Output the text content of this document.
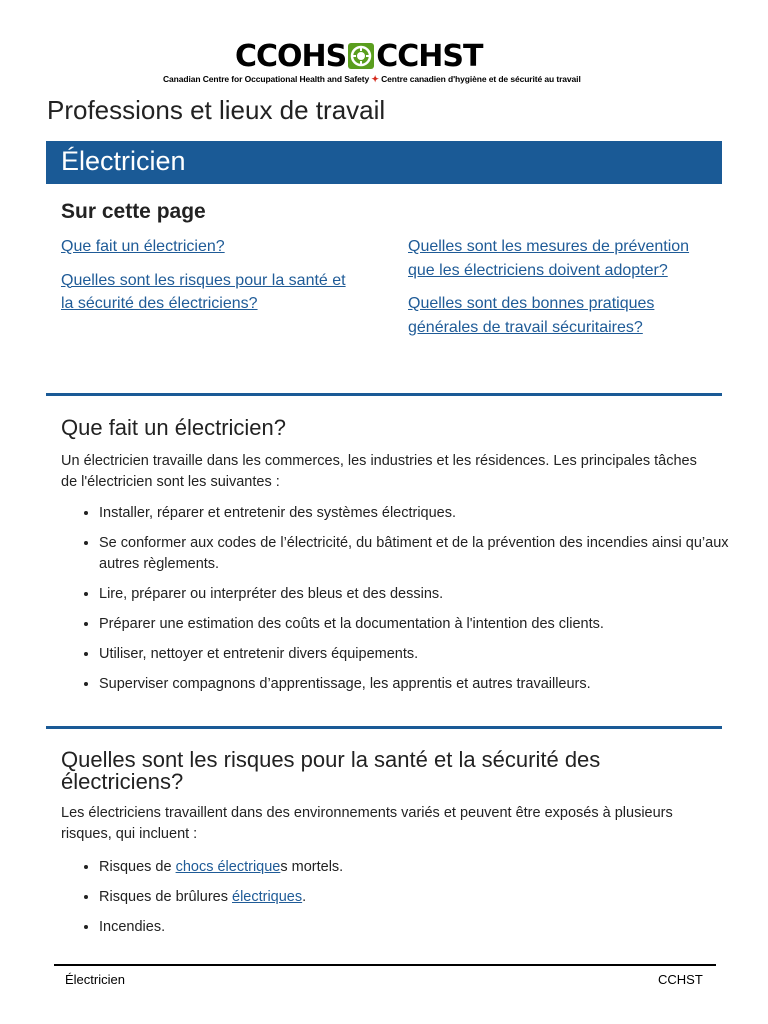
CCOHS CCHST
Canadian Centre for Occupational Health and Safety ✦ Centre canadien d'hygiène et de sécurité au travail
Professions et lieux de travail
Électricien
Sur cette page
Que fait un électricien?
Quelles sont les risques pour la santé et la sécurité des électriciens?
Quelles sont les mesures de prévention que les électriciens doivent adopter?
Quelles sont des bonnes pratiques générales de travail sécuritaires?
Que fait un électricien?

Un électricien travaille dans les commerces, les industries et les résidences. Les principales tâches de l'électricien sont les suivantes :

• Installer, réparer et entretenir des systèmes électriques.
• Se conformer aux codes de l’électricité, du bâtiment et de la prévention des incendies ainsi qu’aux autres règlements.
• Lire, préparer ou interpréter des bleus et des dessins.
• Préparer une estimation des coûts et la documentation à l'intention des clients.
• Utiliser, nettoyer et entretenir divers équipements.
• Superviser compagnons d’apprentissage, les apprentis et autres travailleurs.
Quelles sont les risques pour la santé et la sécurité des électriciens?

Les électriciens travaillent dans des environnements variés et peuvent être exposés à plusieurs risques, qui incluent :

• Risques de chocs électriques mortels.
• Risques de brûlures électriques.
• Incendies.
Électricien	CCHST
